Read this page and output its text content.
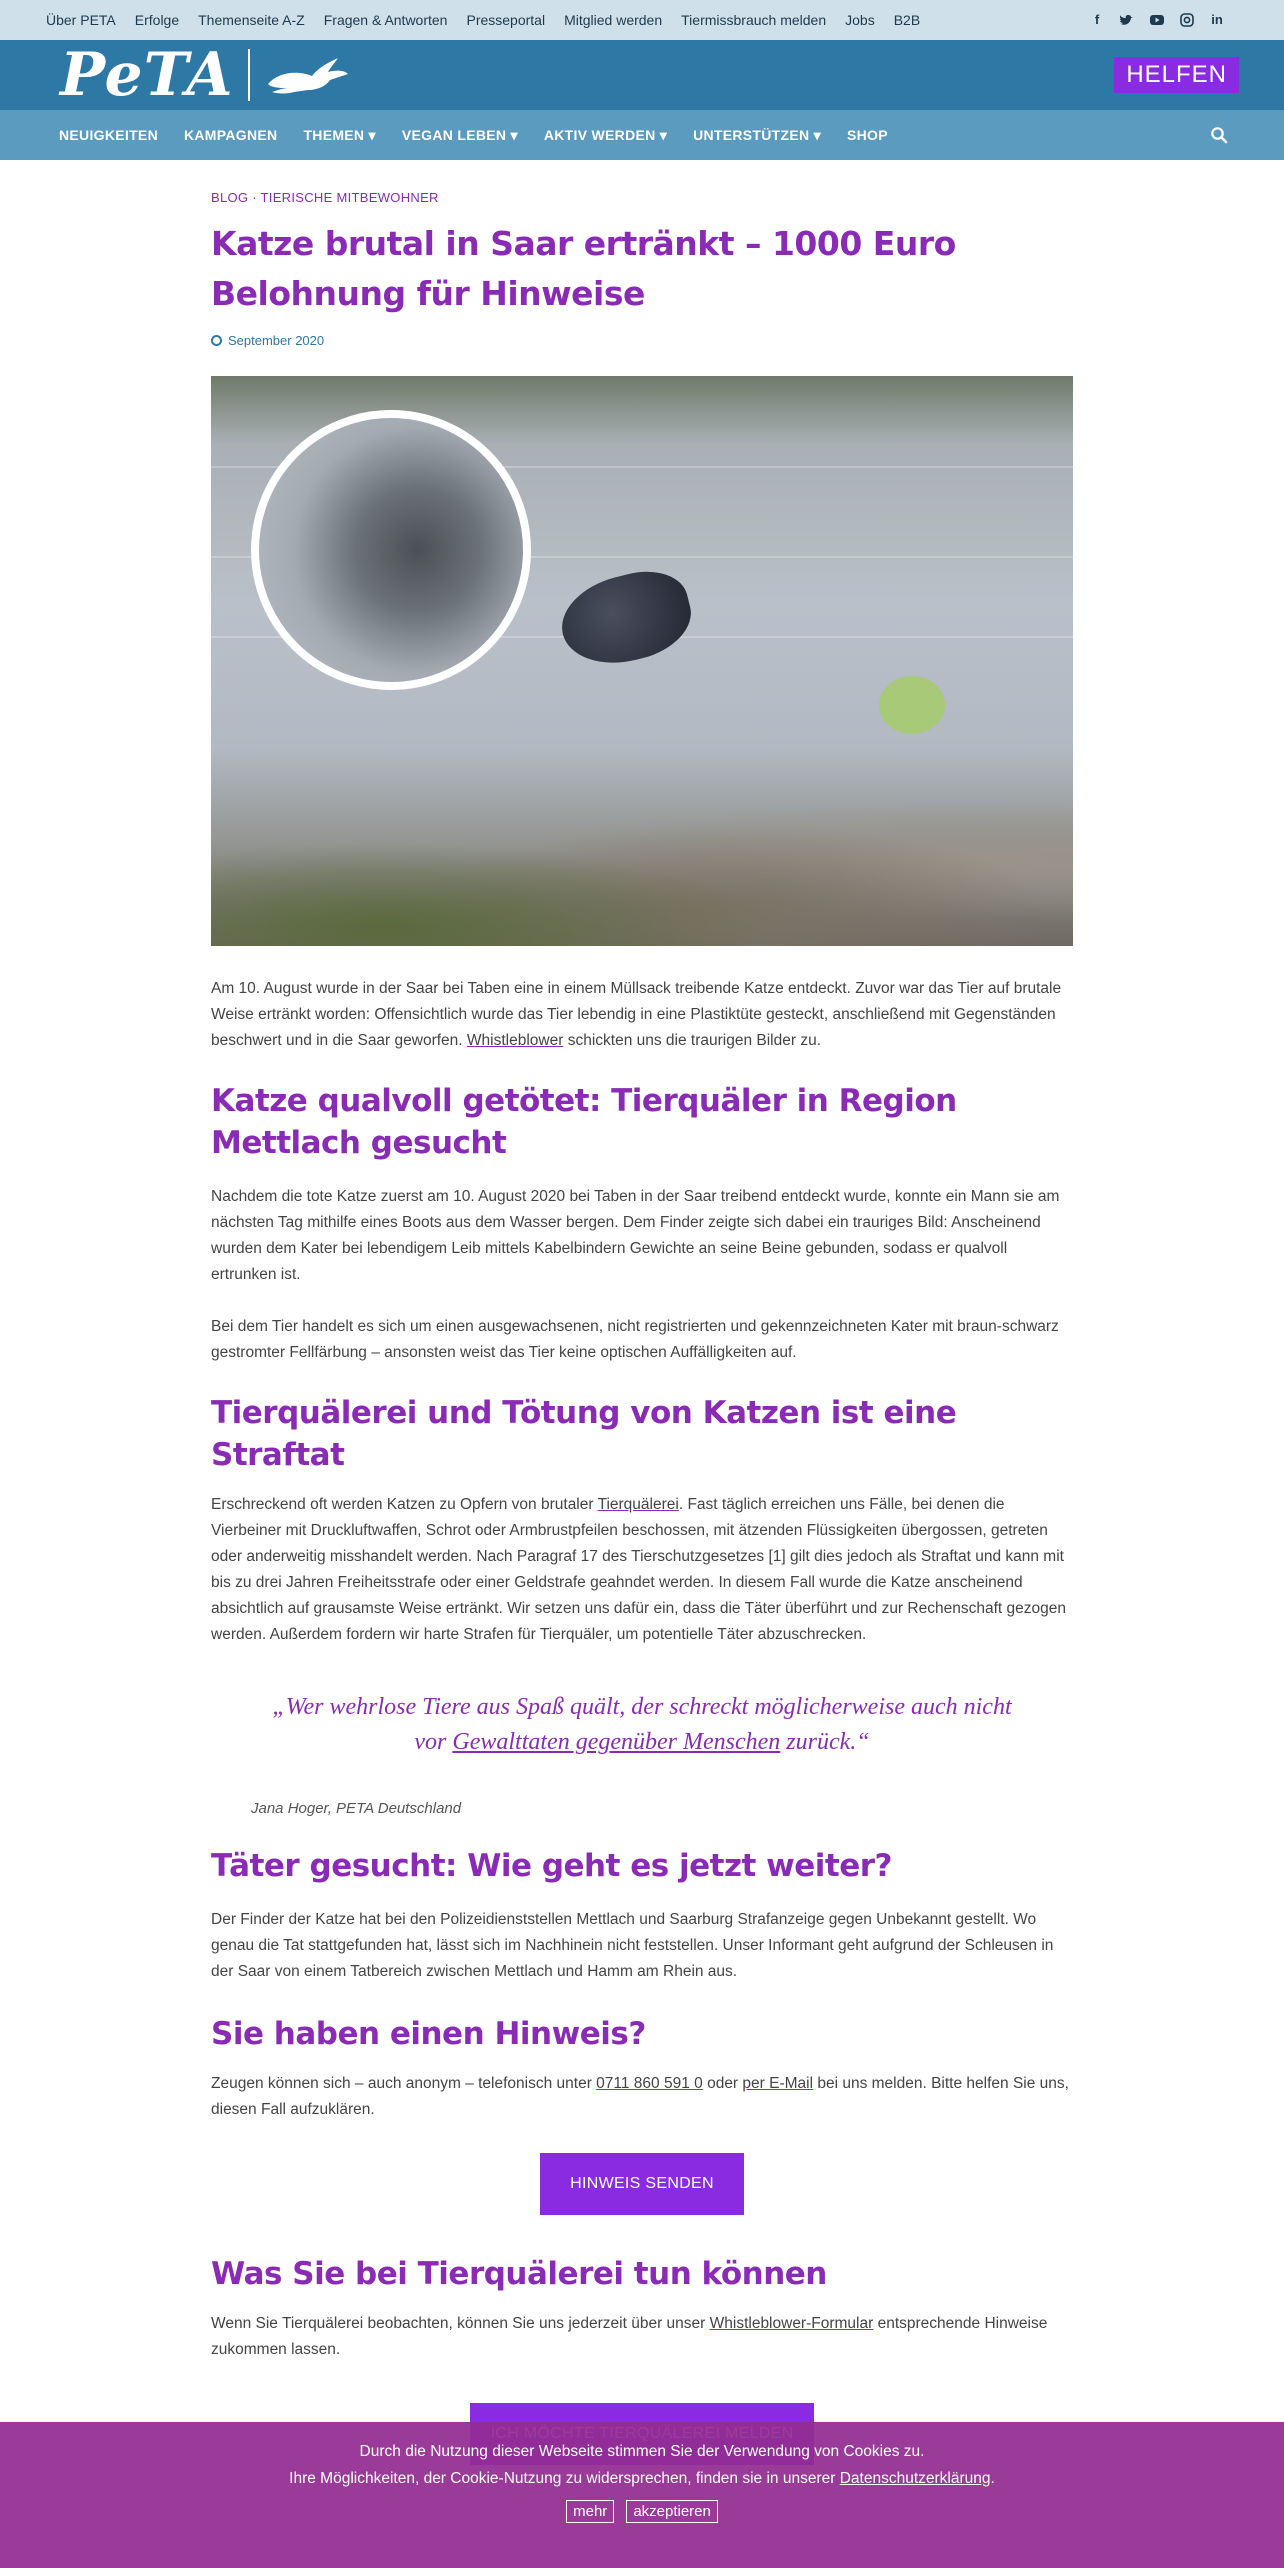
Über PETA Erfolge Themenseite A-Z Fragen & Antworten Presseportal Mitglied werden Tiermissbrauch melden Jobs B2B	f	in
PeTA	HELFEN
NEUIGKEITEN KAMPAGNEN THEMEN ▾ VEGAN LEBEN ▾ AKTIV WERDEN ▾ UNTERSTÜTZEN ▾ SHOP
BLOG · TIERISCHE MITBEWOHNER
Katze brutal in Saar ertränkt – 1000 Euro Belohnung für Hinweise
September 2020

Am 10. August wurde in der Saar bei Taben eine in einem Müllsack treibende Katze entdeckt. Zuvor war das Tier auf brutale Weise ertränkt worden: Offensichtlich wurde das Tier lebendig in eine Plastiktüte gesteckt, anschließend mit Gegenständen beschwert und in die Saar geworfen. Whistleblower schickten uns die traurigen Bilder zu.

Katze qualvoll getötet: Tierquäler in Region Mettlach gesucht

Nachdem die tote Katze zuerst am 10. August 2020 bei Taben in der Saar treibend entdeckt wurde, konnte ein Mann sie am nächsten Tag mithilfe eines Boots aus dem Wasser bergen. Dem Finder zeigte sich dabei ein trauriges Bild: Anscheinend wurden dem Kater bei lebendigem Leib mittels Kabelbindern Gewichte an seine Beine gebunden, sodass er qualvoll ertrunken ist.

Bei dem Tier handelt es sich um einen ausgewachsenen, nicht registrierten und gekennzeichneten Kater mit braun-schwarz gestromter Fellfärbung – ansonsten weist das Tier keine optischen Auffälligkeiten auf.

Tierquälerei und Tötung von Katzen ist eine Straftat

Erschreckend oft werden Katzen zu Opfern von brutaler Tierquälerei. Fast täglich erreichen uns Fälle, bei denen die Vierbeiner mit Druckluftwaffen, Schrot oder Armbrustpfeilen beschossen, mit ätzenden Flüssigkeiten übergossen, getreten oder anderweitig misshandelt werden. Nach Paragraf 17 des Tierschutzgesetzes [1] gilt dies jedoch als Straftat und kann mit bis zu drei Jahren Freiheitsstrafe oder einer Geldstrafe geahndet werden. In diesem Fall wurde die Katze anscheinend absichtlich auf grausamste Weise ertränkt. Wir setzen uns dafür ein, dass die Täter überführt und zur Rechenschaft gezogen werden. Außerdem fordern wir harte Strafen für Tierquäler, um potentielle Täter abzuschrecken.

„Wer wehrlose Tiere aus Spaß quält, der schreckt möglicherweise auch nicht vor Gewalttaten gegenüber Menschen zurück.“
Jana Hoger, PETA Deutschland
Täter gesucht: Wie geht es jetzt weiter?

Der Finder der Katze hat bei den Polizeidienststellen Mettlach und Saarburg Strafanzeige gegen Unbekannt gestellt. Wo genau die Tat stattgefunden hat, lässt sich im Nachhinein nicht feststellen. Unser Informant geht aufgrund der Schleusen in der Saar von einem Tatbereich zwischen Mettlach und Hamm am Rhein aus.

Sie haben einen Hinweis?

Zeugen können sich – auch anonym – telefonisch unter 0711 860 591 0 oder per E-Mail bei uns melden. Bitte helfen Sie uns, diesen Fall aufzuklären.

HINWEIS SENDEN
Was Sie bei Tierquälerei tun können

Wenn Sie Tierquälerei beobachten, können Sie uns jederzeit über unser Whistleblower-Formular entsprechende Hinweise zukommen lassen.

Durch die Nutzung dieser Webseite stimmen Sie der Verwendung von Cookies zu.
Ihre Möglichkeiten, der Cookie-Nutzung zu widersprechen, finden sie in unserer Datenschutzerklärung.
mehr	akzeptieren
